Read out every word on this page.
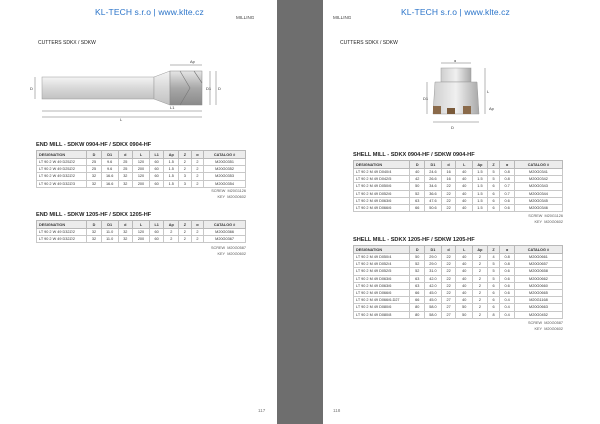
KL-TECH s.r.o | www.klte.cz
MILLING
CUTTERS SDKX / SDKW
Ap
D	D1 D
L1
L
END MILL - SDKW 0904-HF / SDKX 0904-HF
DESIGNATION	D	D1	d	L	L1	Ap	Z	α	CATALOG #
LT 90 2 W 49 D25Z/2	25	9.6	25	120	60	1.5	2	2	M20G0351
LT 90 2 W 49 D25Z/2	25	9.6	25	200	60	1.5	2	2	M20G0352
LT 90 2 W 49 D32Z/2	32	16.6	32	120	60	1.5	3	2	M20G0353
LT 90 2 W 49 D32Z/3	32	16.6	32	200	60	1.5	3	2	M20G0354
SCREW M20G1126
KEY M20G0602
END MILL - SDKW 1205-HF / SDKX 1205-HF
DESIGNATION	D	D1	d	L	L1	Ap	Z	α	CATALOG #
LT 90 2 W 49 D32Z/2	32	11.0	32	120	60	2	2	2	M20G0366
LT 90 2 W 49 D32Z/2	32	11.0	32	200	60	2	2	2	M20G0367
SCREW M20G0587
KEY M20G0602
117
KL-TECH s.r.o | www.klte.cz
MILLING
CUTTERS SDKX / SDKW
d
L
D
Ap
D1
SHELL MILL - SDKX 0904-HF / SDKW 0904-HF
DESIGNATION	D	D1	d	L	Ap	Z	α	CATALOG #
LT 90 2 M 49 D040/4	40	24.6	16	40	1.5	5	0.8	M20G0341
LT 90 2 M 49 D042/5	42	26.6	16	40	1.5	5	0.8	M20G0342
LT 90 2 M 49 D050/6	50	34.6	22	40	1.5	6	0.7	M20G0343
LT 90 2 M 49 D052/6	52	36.6	22	40	1.5	6	0.7	M20G0344
LT 90 2 M 49 D063/6	63	47.6	22	40	1.5	6	0.6	M20G0345
LT 90 2 M 49 D066/6	66	50.6	22	40	1.5	6	0.6	M20G0346
SCREW M20G1126
KEY M20G0602
SHELL MILL - SDKX 1205-HF / SDKW 1205-HF
DESIGNATION	D	D1	d	L	Ap	Z	α	CATALOG #
LT 90 2 M 49 D050/4	50	29.0	22	40	2	4	0.8	M20G0661
LT 90 2 M 49 D052/4	52	29.0	22	40	2	5	0.8	M20G0657
LT 90 2 M 49 D052/5	52	31.0	22	40	2	5	0.6	M20G0658
LT 90 2 M 49 D063/6	63	42.0	22	40	2	5	0.6	M20G0662
LT 90 2 M 49 D063/6	63	42.0	22	40	2	6	0.6	M20G0660
LT 90 2 M 49 D066/6	66	45.0	22	40	2	6	0.6	M20G0665
LT 90 2 M 49 D066/6-D27	66	45.0	27	40	2	6	0.4	M20G1168
LT 90 2 M 49 D080/6	80	58.0	27	50	2	6	0.4	M20G0663
LT 90 2 M 49 D080/8	80	58.0	27	50	2	8	0.4	M20G0452
SCREW M20G0587
KEY M20G0602
118
